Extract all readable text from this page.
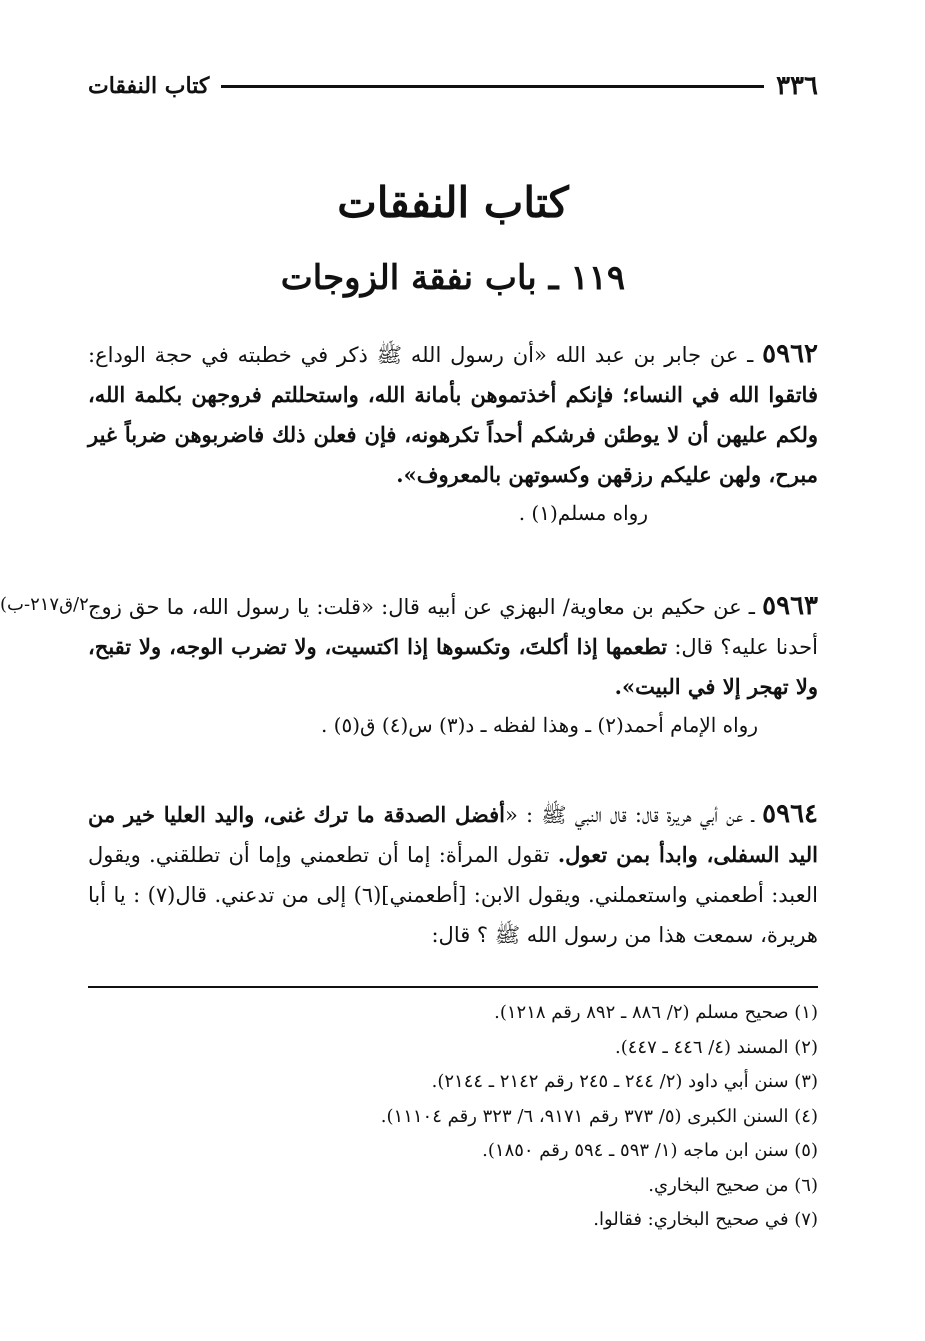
٣٣٦
كتاب النفقات
كتاب النفقات
١١٩ ـ باب نفقة الزوجات
(٢/ق٢١٧-ب

٥٩٦٢ ـ عن جابر بن عبد الله «أن رسول الله ﷺ ذكر في خطبته في حجة الوداع: فاتقوا الله في النساء؛ فإنكم أخذتموهن بأمانة الله، واستحللتم فروجهن بكلمة الله، ولكم عليهن أن لا يوطئن فرشكم أحداً تكرهونه، فإن فعلن ذلك فاضربوهن ضرباً غير مبرح، ولهن عليكم رزقهن وكسوتهن بالمعروف».

رواه مسلم(١) .

٥٩٦٣ ـ عن حكيم بن معاوية/ البهزي عن أبيه قال: «قلت: يا رسول الله، ما حق زوج أحدنا عليه؟ قال: تطعمها إذا أكلتَ، وتكسوها إذا اكتسيت، ولا تضرب الوجه، ولا تقبح، ولا تهجر إلا في البيت».

رواه الإمام أحمد(٢) ـ وهذا لفظه ـ د(٣) س(٤) ق(٥) .

٥٩٦٤ ـ عن أبي هريرة قال: قال النبي ﷺ : «أفضل الصدقة ما ترك غنى، واليد العليا خير من اليد السفلى، وابدأ بمن تعول. تقول المرأة: إما أن تطعمني وإما أن تطلقني. ويقول العبد: أطعمني واستعملني. ويقول الابن: [أطعمني](٦) إلى من تدعني. قال(٧) : يا أبا هريرة، سمعت هذا من رسول الله ﷺ ؟ قال:

(١) صحيح مسلم (٢/ ٨٨٦ ـ ٨٩٢ رقم ١٢١٨).
(٢) المسند (٤/ ٤٤٦ ـ ٤٤٧).
(٣) سنن أبي داود (٢/ ٢٤٤ ـ ٢٤٥ رقم ٢١٤٢ ـ ٢١٤٤).
(٤) السنن الكبرى (٥/ ٣٧٣ رقم ٩١٧١، ٦/ ٣٢٣ رقم ١١١٠٤).
(٥) سنن ابن ماجه (١/ ٥٩٣ ـ ٥٩٤ رقم ١٨٥٠).
(٦) من صحيح البخاري.
(٧) في صحيح البخاري: فقالوا.
